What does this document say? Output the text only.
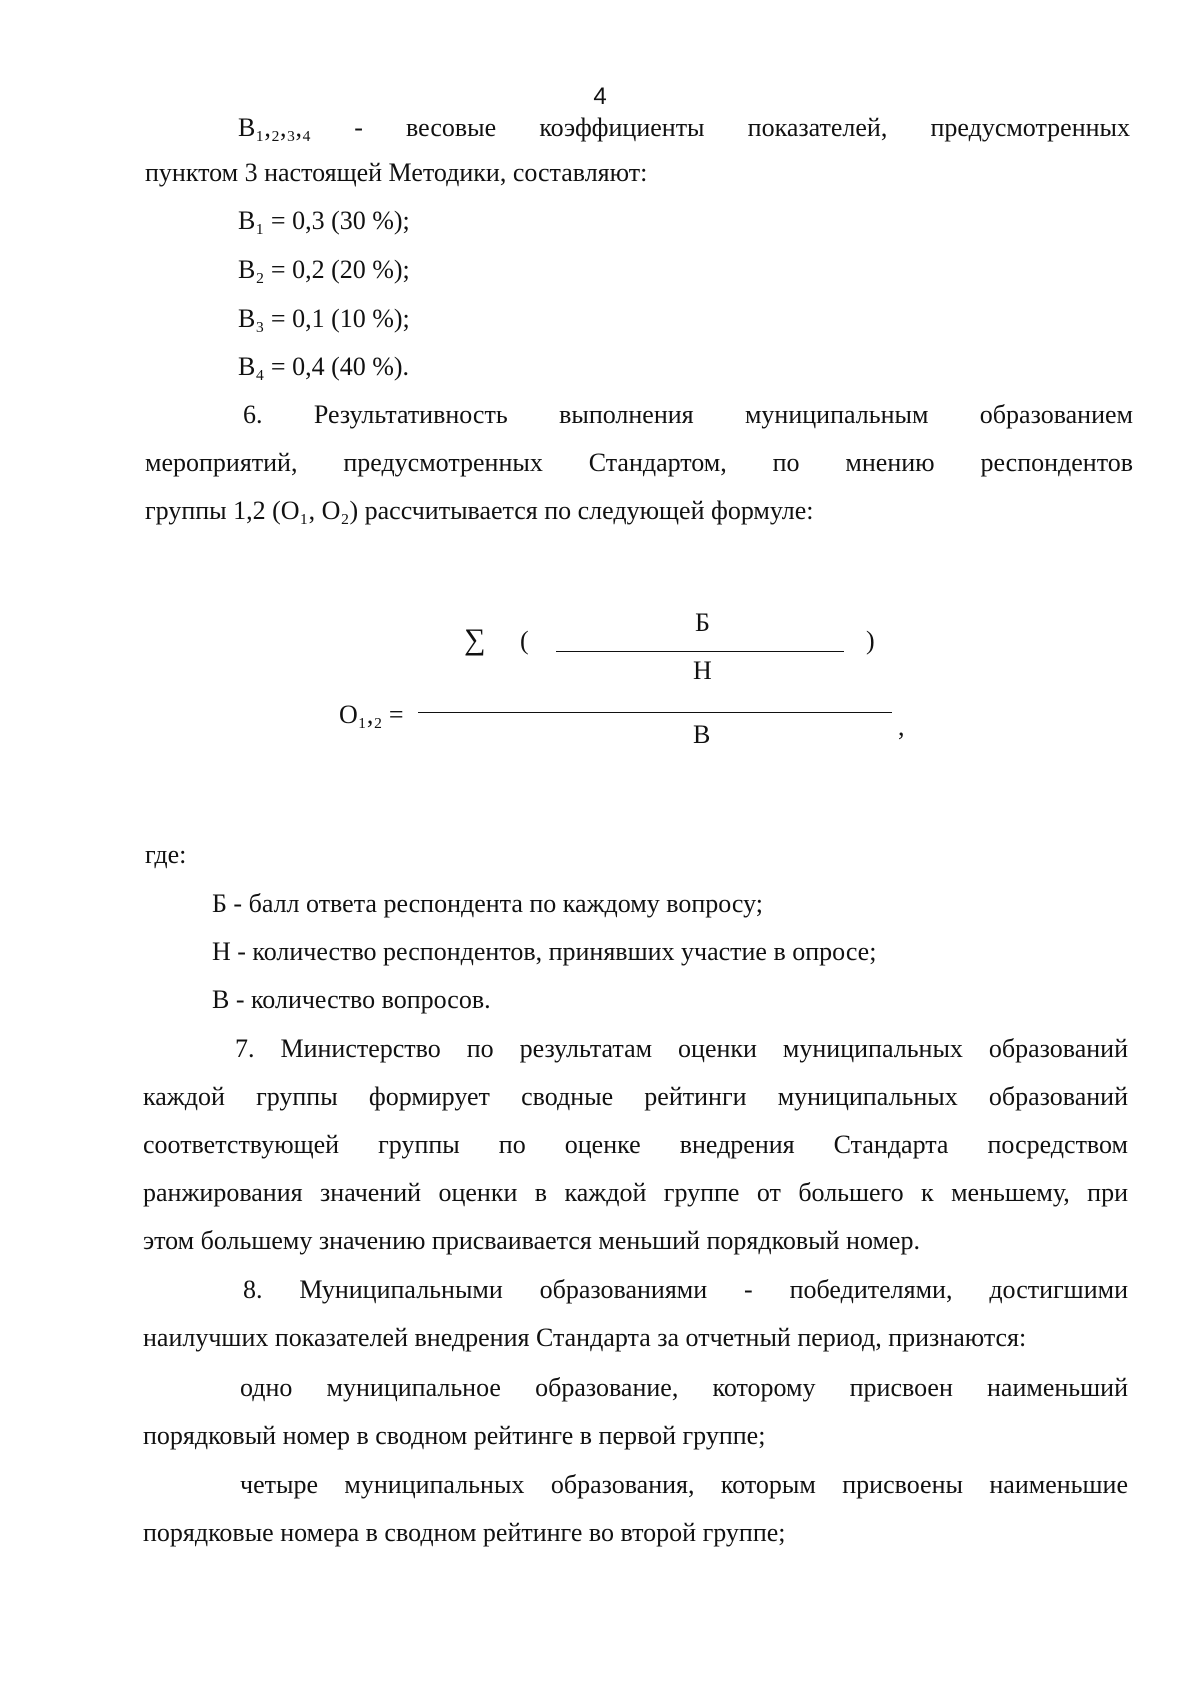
4
B₁,₂,₃,₄ - весовые коэффициенты показателей, предусмотренных
пунктом 3 настоящей Методики, составляют:
B₁ = 0,3 (30 %);
B₂ = 0,2 (20 %);
B₃ = 0,1 (10 %);
B₄ = 0,4 (40 %).
6. Результативность выполнения муниципальным образованием
мероприятий, предусмотренных Стандартом, по мнению респондентов
группы 1,2 (О₁, О₂) рассчитывается по следующей формуле:
∑ (
Б
Н
)
О₁,₂ =	,
В
где:
Б - балл ответа респондента по каждому вопросу;
Н - количество респондентов, принявших участие в опросе;
В - количество вопросов.
7. Министерство по результатам оценки муниципальных образований
каждой группы формирует сводные рейтинги муниципальных образований
соответствующей группы по оценке внедрения Стандарта посредством
ранжирования значений оценки в каждой группе от большего к меньшему, при
этом большему значению присваивается меньший порядковый номер.
8. Муниципальными образованиями - победителями, достигшими
наилучших показателей внедрения Стандарта за отчетный период, признаются:
одно муниципальное образование, которому присвоен наименьший
порядковый номер в сводном рейтинге в первой группе;
четыре муниципальных образования, которым присвоены наименьшие
порядковые номера в сводном рейтинге во второй группе;
